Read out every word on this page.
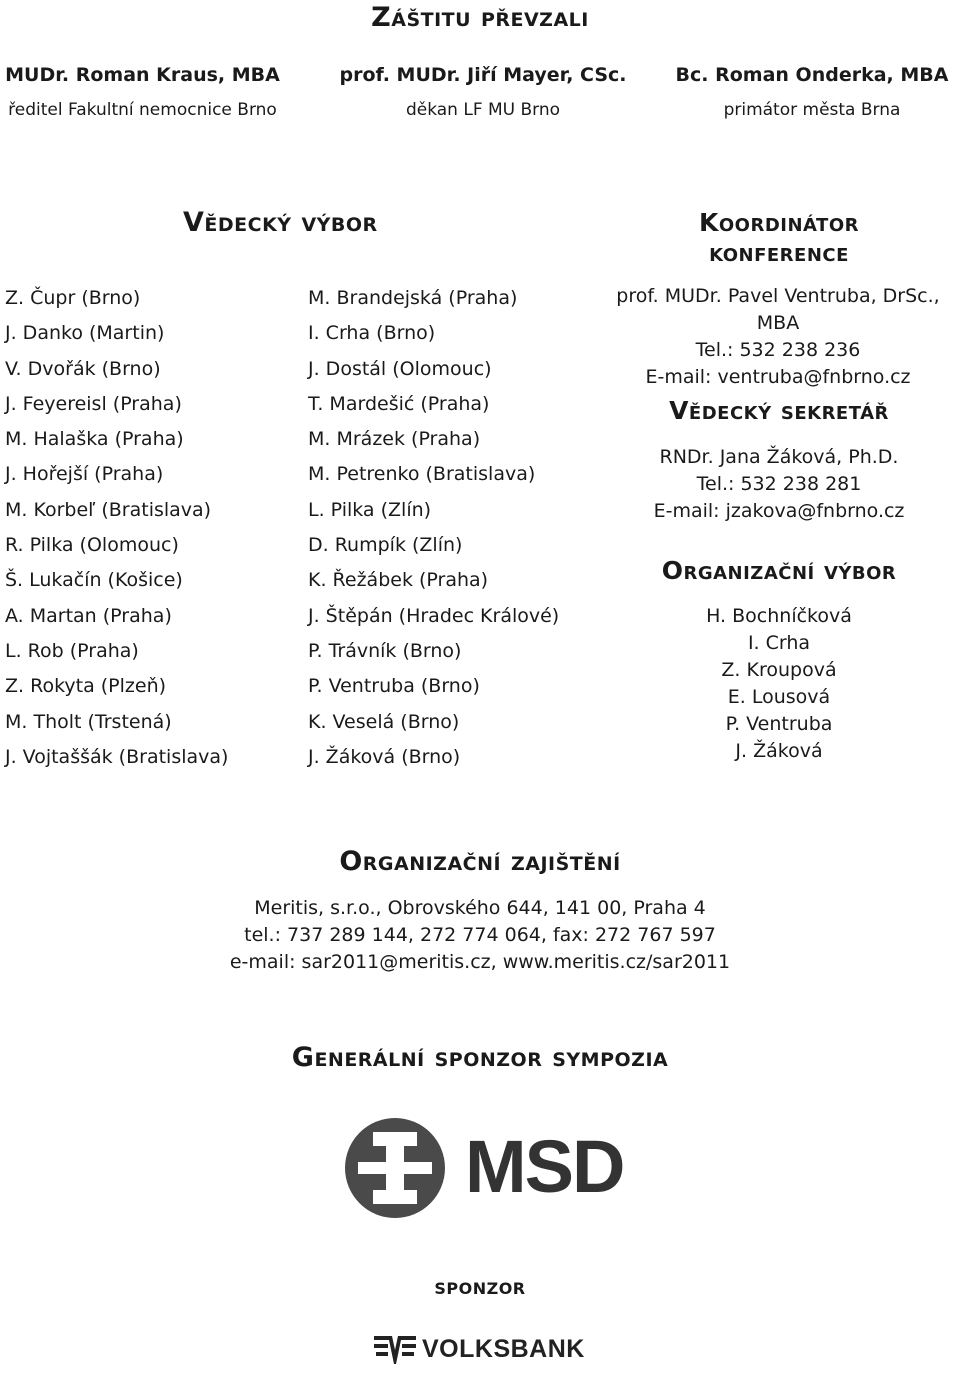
Záštitu převzali
MUDr. Roman Kraus, MBA
ředitel Fakultní nemocnice Brno
prof. MUDr. Jiří Mayer, CSc.
děkan LF MU Brno
Bc. Roman Onderka, MBA
primátor města Brna
Vědecký výbor
Z. Čupr (Brno)
J. Danko (Martin)
V. Dvořák (Brno)
J. Feyereisl (Praha)
M. Halaška (Praha)
J. Hořejší (Praha)
M. Korbeľ (Bratislava)
R. Pilka (Olomouc)
Š. Lukačín (Košice)
A. Martan (Praha)
L. Rob (Praha)
Z. Rokyta (Plzeň)
M. Tholt (Trstená)
J. Vojtaššák (Bratislava)
M. Brandejská (Praha)
I. Crha (Brno)
J. Dostál (Olomouc)
T. Mardešić (Praha)
M. Mrázek (Praha)
M. Petrenko (Bratislava)
L. Pilka (Zlín)
D. Rumpík (Zlín)
K. Řežábek (Praha)
J. Štěpán (Hradec Králové)
P. Trávník (Brno)
P. Ventruba (Brno)
K. Veselá (Brno)
J. Žáková (Brno)
Koordinátor
konference
prof. MUDr. Pavel Ventruba, DrSc., MBA
Tel.: 532 238 236
E-mail: ventruba@fnbrno.cz
Vědecký sekretář
RNDr. Jana Žáková, Ph.D.
Tel.: 532 238 281
E-mail: jzakova@fnbrno.cz
Organizační výbor
H. Bochníčková
I. Crha
Z. Kroupová
E. Lousová
P. Ventruba
J. Žáková
Organizační zajištění
Meritis, s.r.o., Obrovského 644, 141 00, Praha 4
tel.: 737 289 144, 272 774 064, fax: 272 767 597
e-mail: sar2011@meritis.cz, www.meritis.cz/sar2011
Generální sponzor sympozia
MSD
sponzor
VOLKSBANK
